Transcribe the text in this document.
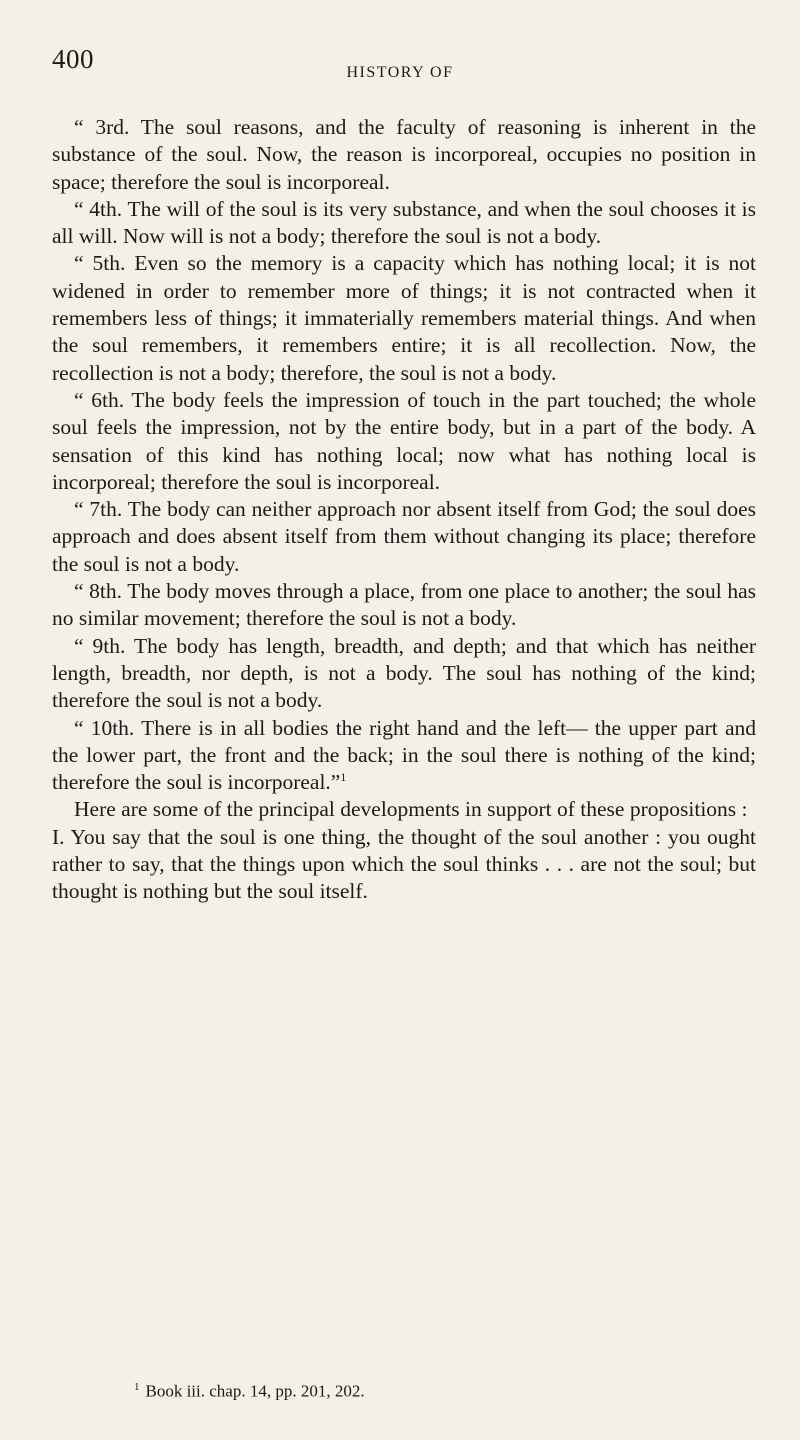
400	HISTORY OF

“ 3rd. The soul reasons, and the faculty of reasoning is inherent in the substance of the soul. Now, the reason is incorporeal, occupies no position in space; therefore the soul is incorporeal.

“ 4th. The will of the soul is its very substance, and when the soul chooses it is all will. Now will is not a body; therefore the soul is not a body.

“ 5th. Even so the memory is a capacity which has nothing local; it is not widened in order to remember more of things; it is not contracted when it remembers less of things; it immaterially remembers material things. And when the soul remembers, it remembers entire; it is all recollection. Now, the recollection is not a body; therefore, the soul is not a body.

“ 6th. The body feels the impression of touch in the part touched; the whole soul feels the impression, not by the entire body, but in a part of the body. A sensation of this kind has nothing local; now what has nothing local is incorporeal; therefore the soul is incorporeal.

“ 7th. The body can neither approach nor absent itself from God; the soul does approach and does absent itself from them without changing its place; therefore the soul is not a body.

“ 8th. The body moves through a place, from one place to another; the soul has no similar movement; therefore the soul is not a body.

“ 9th. The body has length, breadth, and depth; and that which has neither length, breadth, nor depth, is not a body. The soul has nothing of the kind; therefore the soul is not a body.

“ 10th. There is in all bodies the right hand and the left— the upper part and the lower part, the front and the back; in the soul there is nothing of the kind; therefore the soul is incorporeal.”$^1$

Here are some of the principal developments in support of these propositions :

I. You say that the soul is one thing, the thought of the soul another : you ought rather to say, that the things upon which the soul thinks . . . are not the soul; but thought is nothing but the soul itself.

$^1$ Book iii. chap. 14, pp. 201, 202.
